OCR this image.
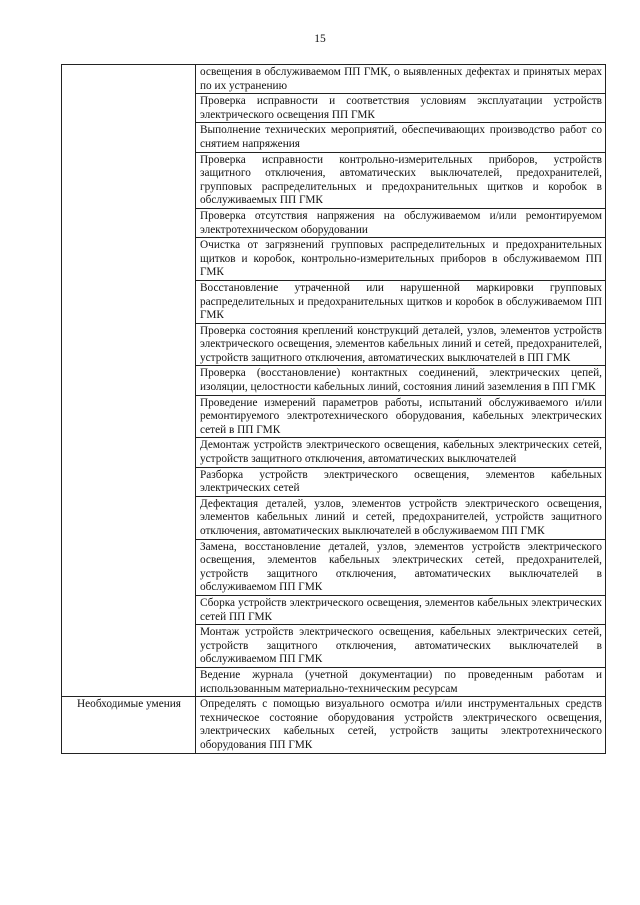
15
	освещения в обслуживаемом ПП ГМК, о выявленных дефектах и принятых мерах по их устранению
	Проверка исправности и соответствия условиям эксплуатации устройств электрического освещения ПП ГМК
	Выполнение технических мероприятий, обеспечивающих производство работ со снятием напряжения
	Проверка исправности контрольно-измерительных приборов, устройств защитного отключения, автоматических выключателей, предохранителей, групповых распределительных и предохранительных щитков и коробок в обслуживаемых ПП ГМК
	Проверка отсутствия напряжения на обслуживаемом и/или ремонтируемом электротехническом оборудовании
	Очистка от загрязнений групповых распределительных и предохранительных щитков и коробок, контрольно-измерительных приборов в обслуживаемом ПП ГМК
	Восстановление утраченной или нарушенной маркировки групповых распределительных и предохранительных щитков и коробок в обслуживаемом ПП ГМК
	Проверка состояния креплений конструкций деталей, узлов, элементов устройств электрического освещения, элементов кабельных линий и сетей, предохранителей, устройств защитного отключения, автоматических выключателей в ПП ГМК
	Проверка (восстановление) контактных соединений, электрических цепей, изоляции, целостности кабельных линий, состояния линий заземления в ПП ГМК
	Проведение измерений параметров работы, испытаний обслуживаемого и/или ремонтируемого электротехнического оборудования, кабельных электрических сетей в ПП ГМК
	Демонтаж устройств электрического освещения, кабельных электрических сетей, устройств защитного отключения, автоматических выключателей
	Разборка устройств электрического освещения, элементов кабельных электрических сетей
	Дефектация деталей, узлов, элементов устройств электрического освещения, элементов кабельных линий и сетей, предохранителей, устройств защитного отключения, автоматических выключателей в обслуживаемом ПП ГМК
	Замена, восстановление деталей, узлов, элементов устройств электрического освещения, элементов кабельных электрических сетей, предохранителей, устройств защитного отключения, автоматических выключателей в обслуживаемом ПП ГМК
	Сборка устройств электрического освещения, элементов кабельных электрических сетей ПП ГМК
	Монтаж устройств электрического освещения, кабельных электрических сетей, устройств защитного отключения, автоматических выключателей в обслуживаемом ПП ГМК
	Ведение журнала (учетной документации) по проведенным работам и использованным материально-техническим ресурсам
Необходимые умения	Определять с помощью визуального осмотра и/или инструментальных средств техническое состояние оборудования устройств электрического освещения, электрических кабельных сетей, устройств защиты электротехнического оборудования ПП ГМК
